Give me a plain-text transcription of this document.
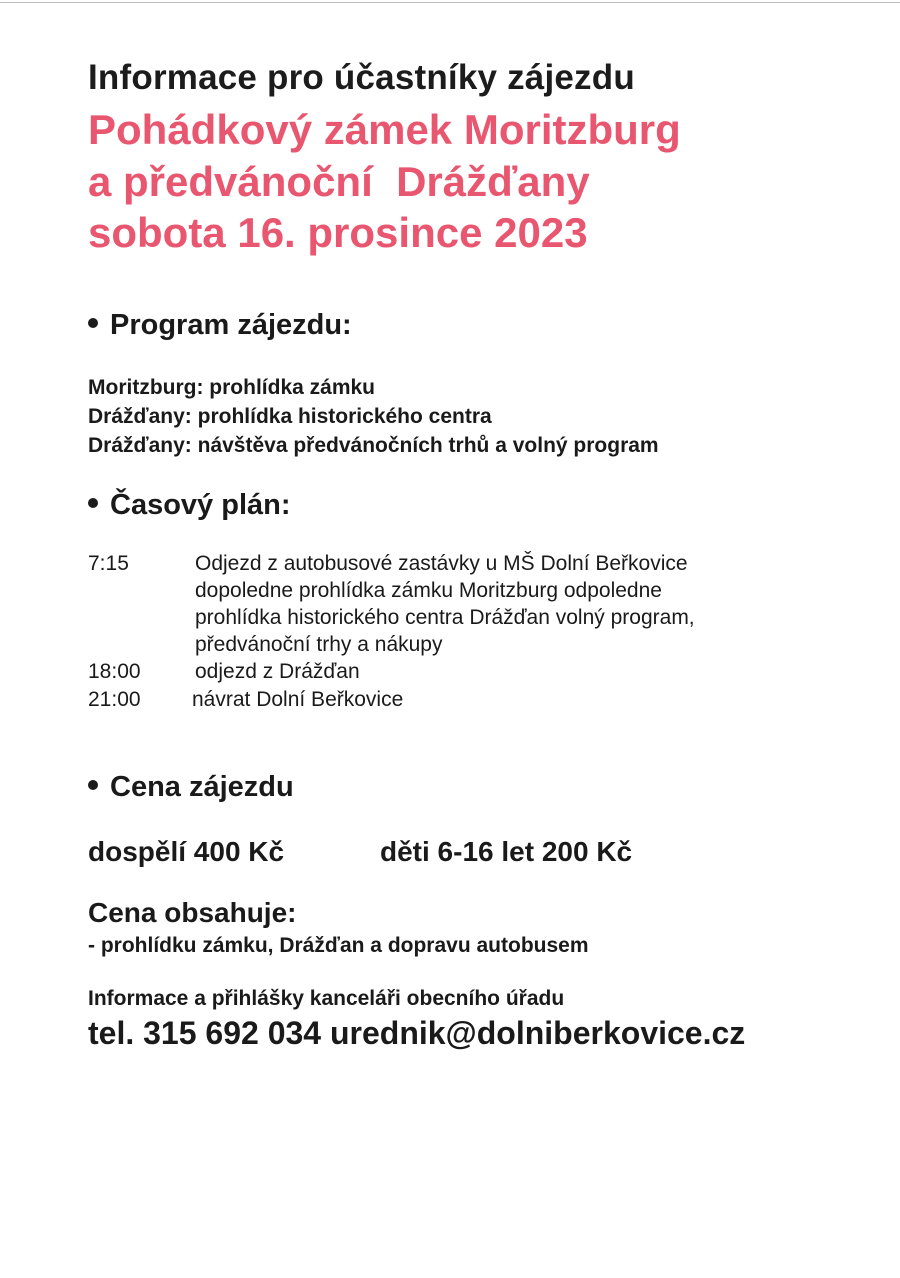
Informace pro účastníky zájezdu
Pohádkový zámek Moritzburg
a předvánoční  Drážďany
sobota 16. prosince 2023
Program zájezdu:
Moritzburg: prohlídka zámku
Drážďany: prohlídka historického centra
Drážďany: návštěva předvánočních trhů a volný program
Časový plán:
7:15	Odjezd z autobusové zastávky u MŠ Dolní Beřkovice
dopoledne prohlídka zámku Moritzburg odpoledne
prohlídka historického centra Drážďan volný program,
předvánoční trhy a nákupy
18:00	odjezd z Drážďan
21:00 návrat Dolní Beřkovice
Cena zájezdu
dospělí 400 Kč	děti 6-16 let 200 Kč
Cena obsahuje:
- prohlídku zámku, Drážďan a dopravu autobusem
Informace a přihlášky kanceláři obecního úřadu
tel. 315 692 034 urednik@dolniberkovice.cz
